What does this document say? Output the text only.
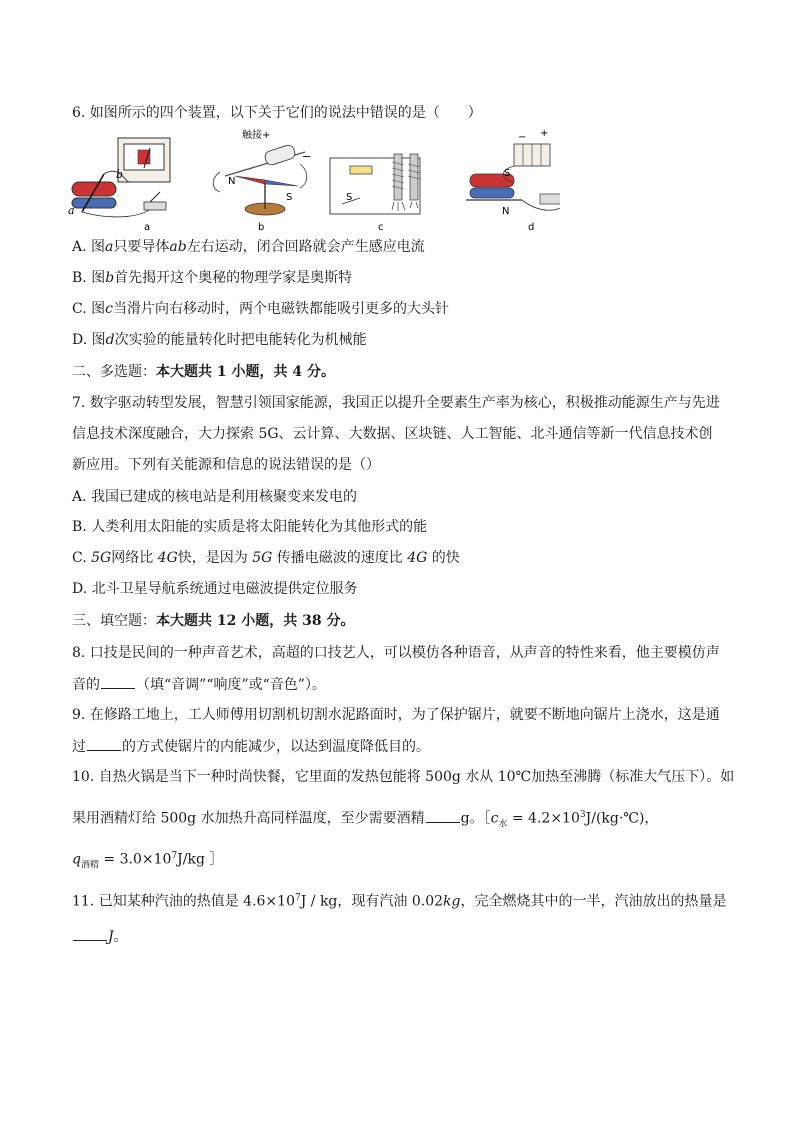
6. 如图所示的四个装置，以下关于它们的说法中错误的是（　　）
a
b
触接+
N
S
−
S
− +
S
N
a	b	c	d
A. 图a只要导体ab左右运动，闭合回路就会产生感应电流
B. 图b首先揭开这个奥秘的物理学家是奥斯特
C. 图c当滑片向右移动时，两个电磁铁都能吸引更多的大头针
D. 图d次实验的能量转化时把电能转化为机械能
二、多选题：本大题共 1 小题，共 4 分。
7. 数字驱动转型发展，智慧引领国家能源，我国正以提升全要素生产率为核心，积极推动能源生产与先进
信息技术深度融合，大力探索 5G、云计算、大数据、区块链、人工智能、北斗通信等新一代信息技术创
新应用。下列有关能源和信息的说法错误的是（）
A. 我国已建成的核电站是利用核聚变来发电的
B. 人类利用太阳能的实质是将太阳能转化为其他形式的能
C. 5G网络比 4G快，是因为 5G 传播电磁波的速度比 4G 的快
D. 北斗卫星导航系统通过电磁波提供定位服务
三、填空题：本大题共 12 小题，共 38 分。
8. 口技是民间的一种声音艺术，高超的口技艺人，可以模仿各种语音，从声音的特性来看，他主要模仿声
音的	（填“音调”“响度”或“音色”）。
9. 在修路工地上，工人师傅用切割机切割水泥路面时，为了保护锯片，就要不断地向锯片上浇水，这是通
过	的方式使锯片的内能减少，以达到温度降低目的。
10. 自热火锅是当下一种时尚快餐，它里面的发热包能将 500g 水从 10℃加热至沸腾（标准大气压下）。如
果用酒精灯给 500g 水加热升高同样温度，至少需要酒精	g。$[c_水$ = $4.2\times 10^3J/(kg\cdot℃)$，
$q_{酒精} = 3.0\times 10^7J/kg$ ］
11. 已知某种汽油的热值是 $4.6\times 10^7J$ / kg，现有汽油 0.02kg，完全燃烧其中的一半，汽油放出的热量是
J。
